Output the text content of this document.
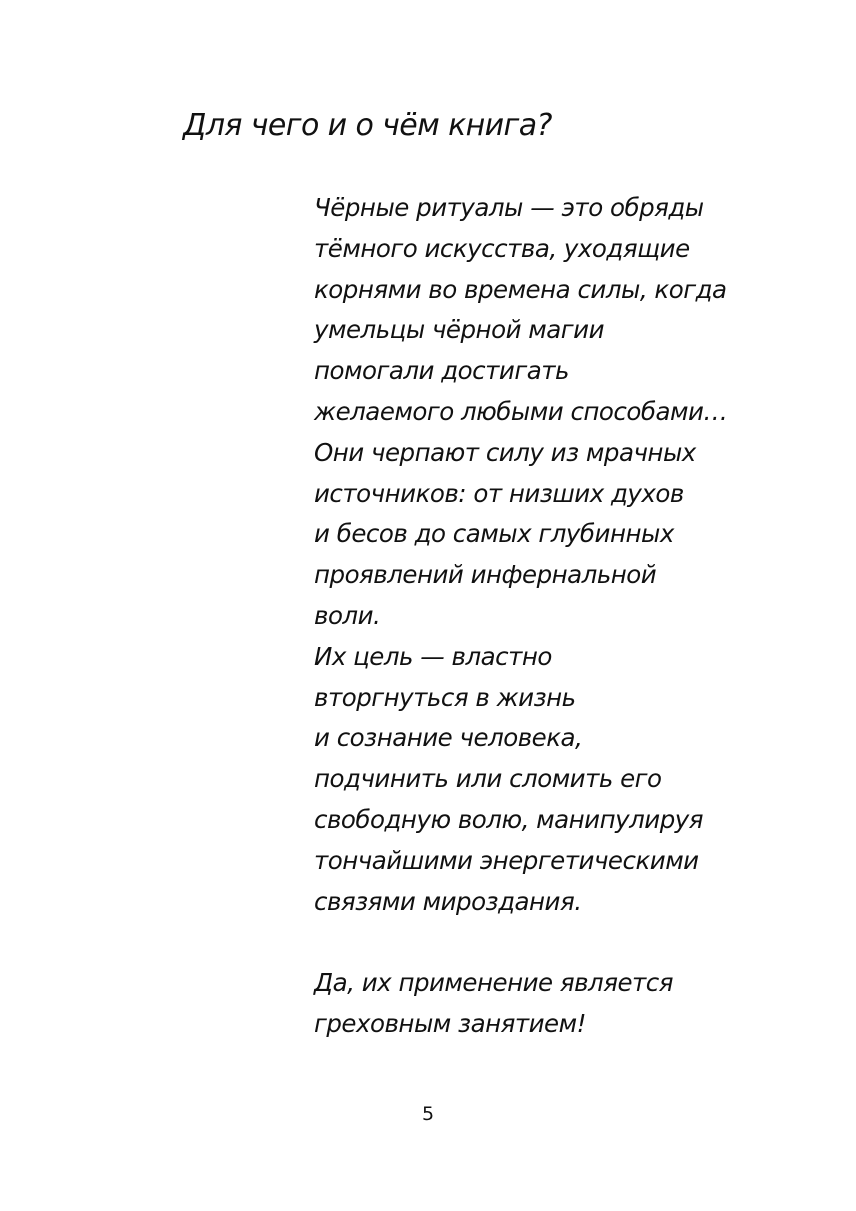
Для чего и о чём книга?
Чёрные ритуалы — это обряды
тёмного искусства, уходящие
корнями во времена силы, когда
умельцы чёрной магии
помогали достигать
желаемого любыми способами…
Они черпают силу из мрачных
источников: от низших духов
и бесов до самых глубинных
проявлений инфернальной
воли.
Их цель — властно
вторгнуться в жизнь
и сознание человека,
подчинить или сломить его
свободную волю, манипулируя
тончайшими энергетическими
связями мироздания.
Да, их применение является
греховным занятием!
5
